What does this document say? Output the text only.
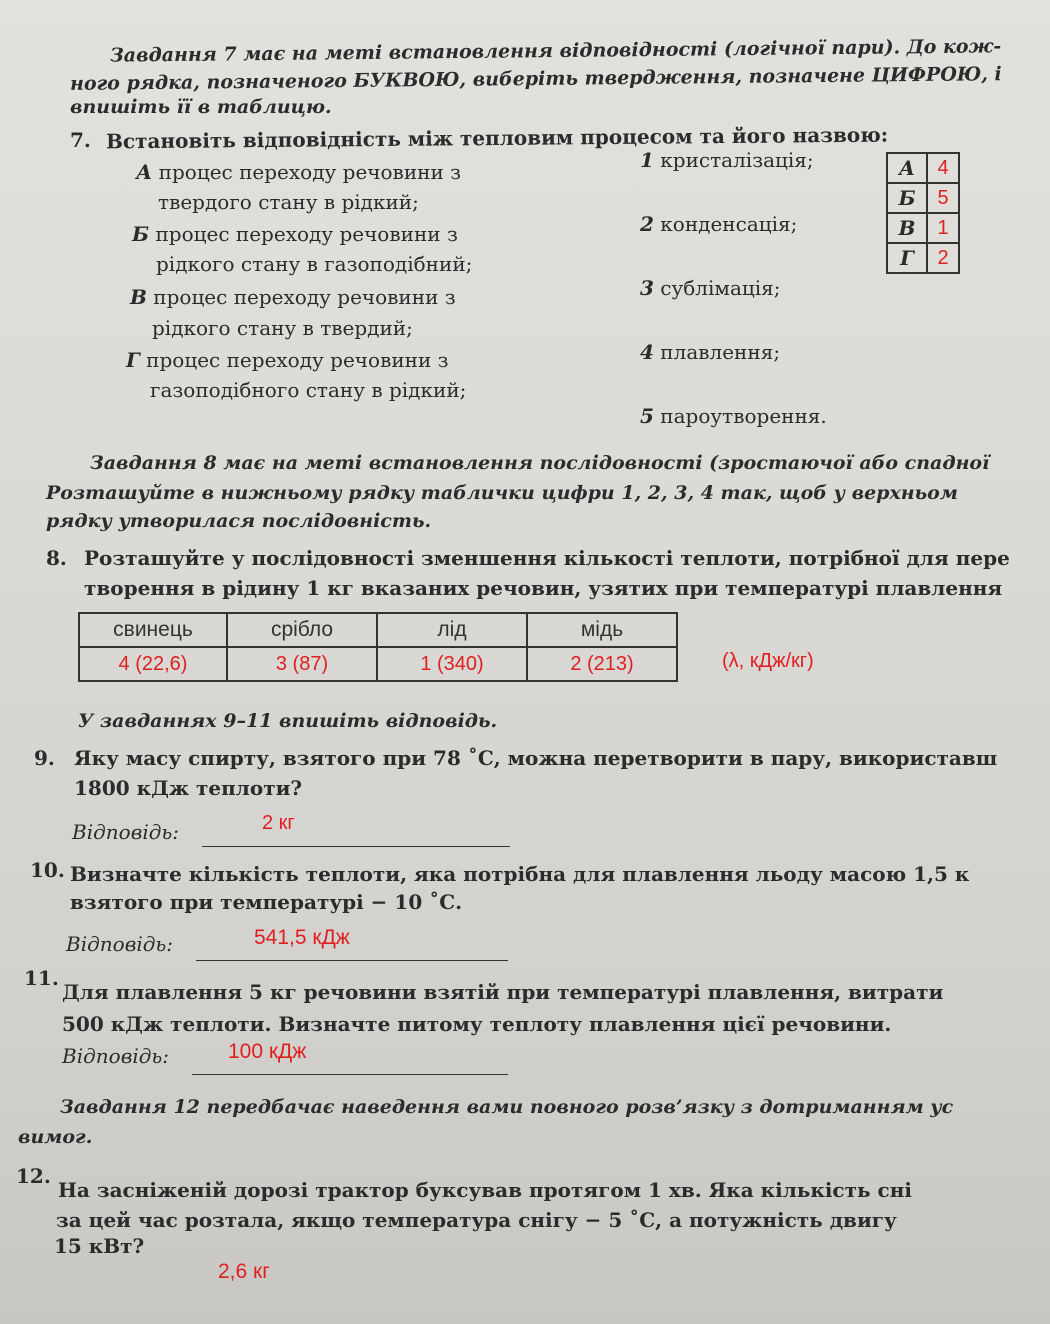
Завдання 7 має на меті встановлення відповідності (логічної пари). До кож-
ного рядка, позначеного БУКВОЮ, виберіть твердження, позначене ЦИФРОЮ, і
впишіть її в таблицю.
7. Встановіть відповідність між тепловим процесом та його назвою:
А процес переходу речовини з
твердого стану в рідкий;
Б процес переходу речовини з
рідкого стану в газоподібний;
В процес переходу речовини з
рідкого стану в твердий;
Г процес переходу речовини з
газоподібного стану в рідкий;
1 кристалізація;
2 конденсація;
3 сублімація;
4 плавлення;
5 пароутворення.
А	4
Б	5
В	1
Г	2
Завдання 8 має на меті встановлення послідовності (зростаючої або спадної
Розташуйте в нижньому рядку таблички цифри 1, 2, 3, 4 так, щоб у верхньом
рядку утворилася послідовність.
8. Розташуйте у послідовності зменшення кількості теплоти, потрібної для пере
творення в рідину 1 кг вказаних речовин, узятих при температурі плавлення
свинець	срібло	лід	мідь
4 (22,6)	3 (87)	1 (340)	2 (213)	(λ, кДж/кг)
У завданнях 9–11 впишіть відповідь.
9. Яку масу спирту, взятого при 78 ˚С, можна перетворити в пару, використавш
1800 кДж теплоти?
Відповідь:	2 кг
10. Визначте кількість теплоти, яка потрібна для плавлення льоду масою 1,5 к
взятого при температурі − 10 ˚С.
Відповідь:	541,5 кДж
11.
Для плавлення 5 кг речовини взятій при температурі плавлення, витрати
500 кДж теплоти. Визначте питому теплоту плавлення цієї речовини.
Відповідь:	100 кДж
Завдання 12 передбачає наведення вами повного розв’язку з дотриманням ус
вимог.
12.
На засніженій дорозі трактор буксував протягом 1 хв. Яка кількість сні
за цей час розтала, якщо температура снігу − 5 ˚С, а потужність двигу
15 кВт?
2,6 кг
